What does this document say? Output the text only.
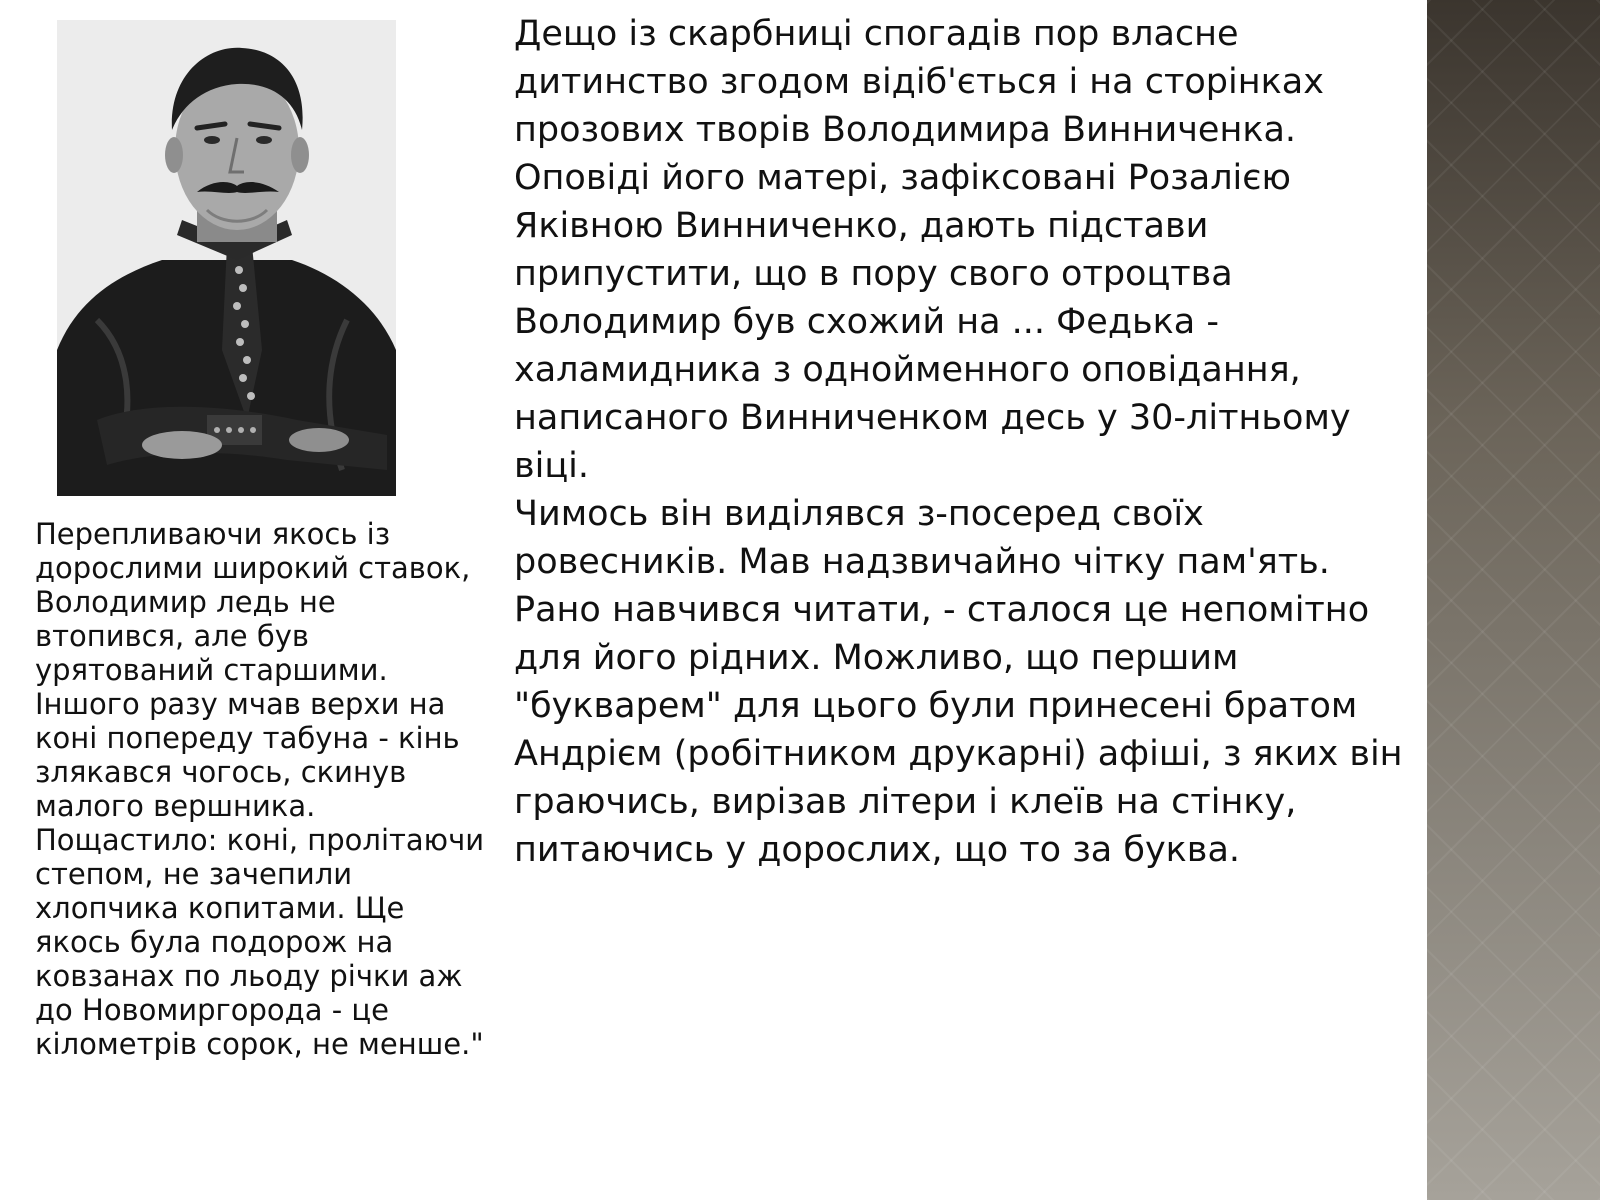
Перепливаючи якось із дорослими широкий ставок, Володимир ледь не втопився, але був урятований старшими. Іншого разу мчав верхи на коні попереду табуна - кінь злякався чогось, скинув малого вершника. Пощастило: коні, пролітаючи степом, не зачепили хлопчика копитами. Ще якось була подорож на ковзанах по льоду річки аж до Новомиргорода - це кілометрів сорок, не менше."

Дещо із скарбниці спогадів пор власне дитинство згодом відіб'ється і на сторінках прозових творів Володимира Винниченка. Оповіді його матері, зафіксовані Розалією Яківною Винниченко, дають підстави припустити, що в пору свого отроцтва Володимир був схожий на ... Федька - халамидника з однойменного оповідання, написаного Винниченком десь у 30-літньому віці.

Чимось він виділявся з-посеред своїх ровесників. Мав надзвичайно чітку пам'ять. Рано навчився читати, - сталося це непомітно для його рідних. Можливо, що першим "букварем" для цього були принесені братом Андрієм (робітником друкарні) афіші, з яких він граючись, вирізав літери і клеїв на стінку, питаючись у дорослих, що то за буква.
